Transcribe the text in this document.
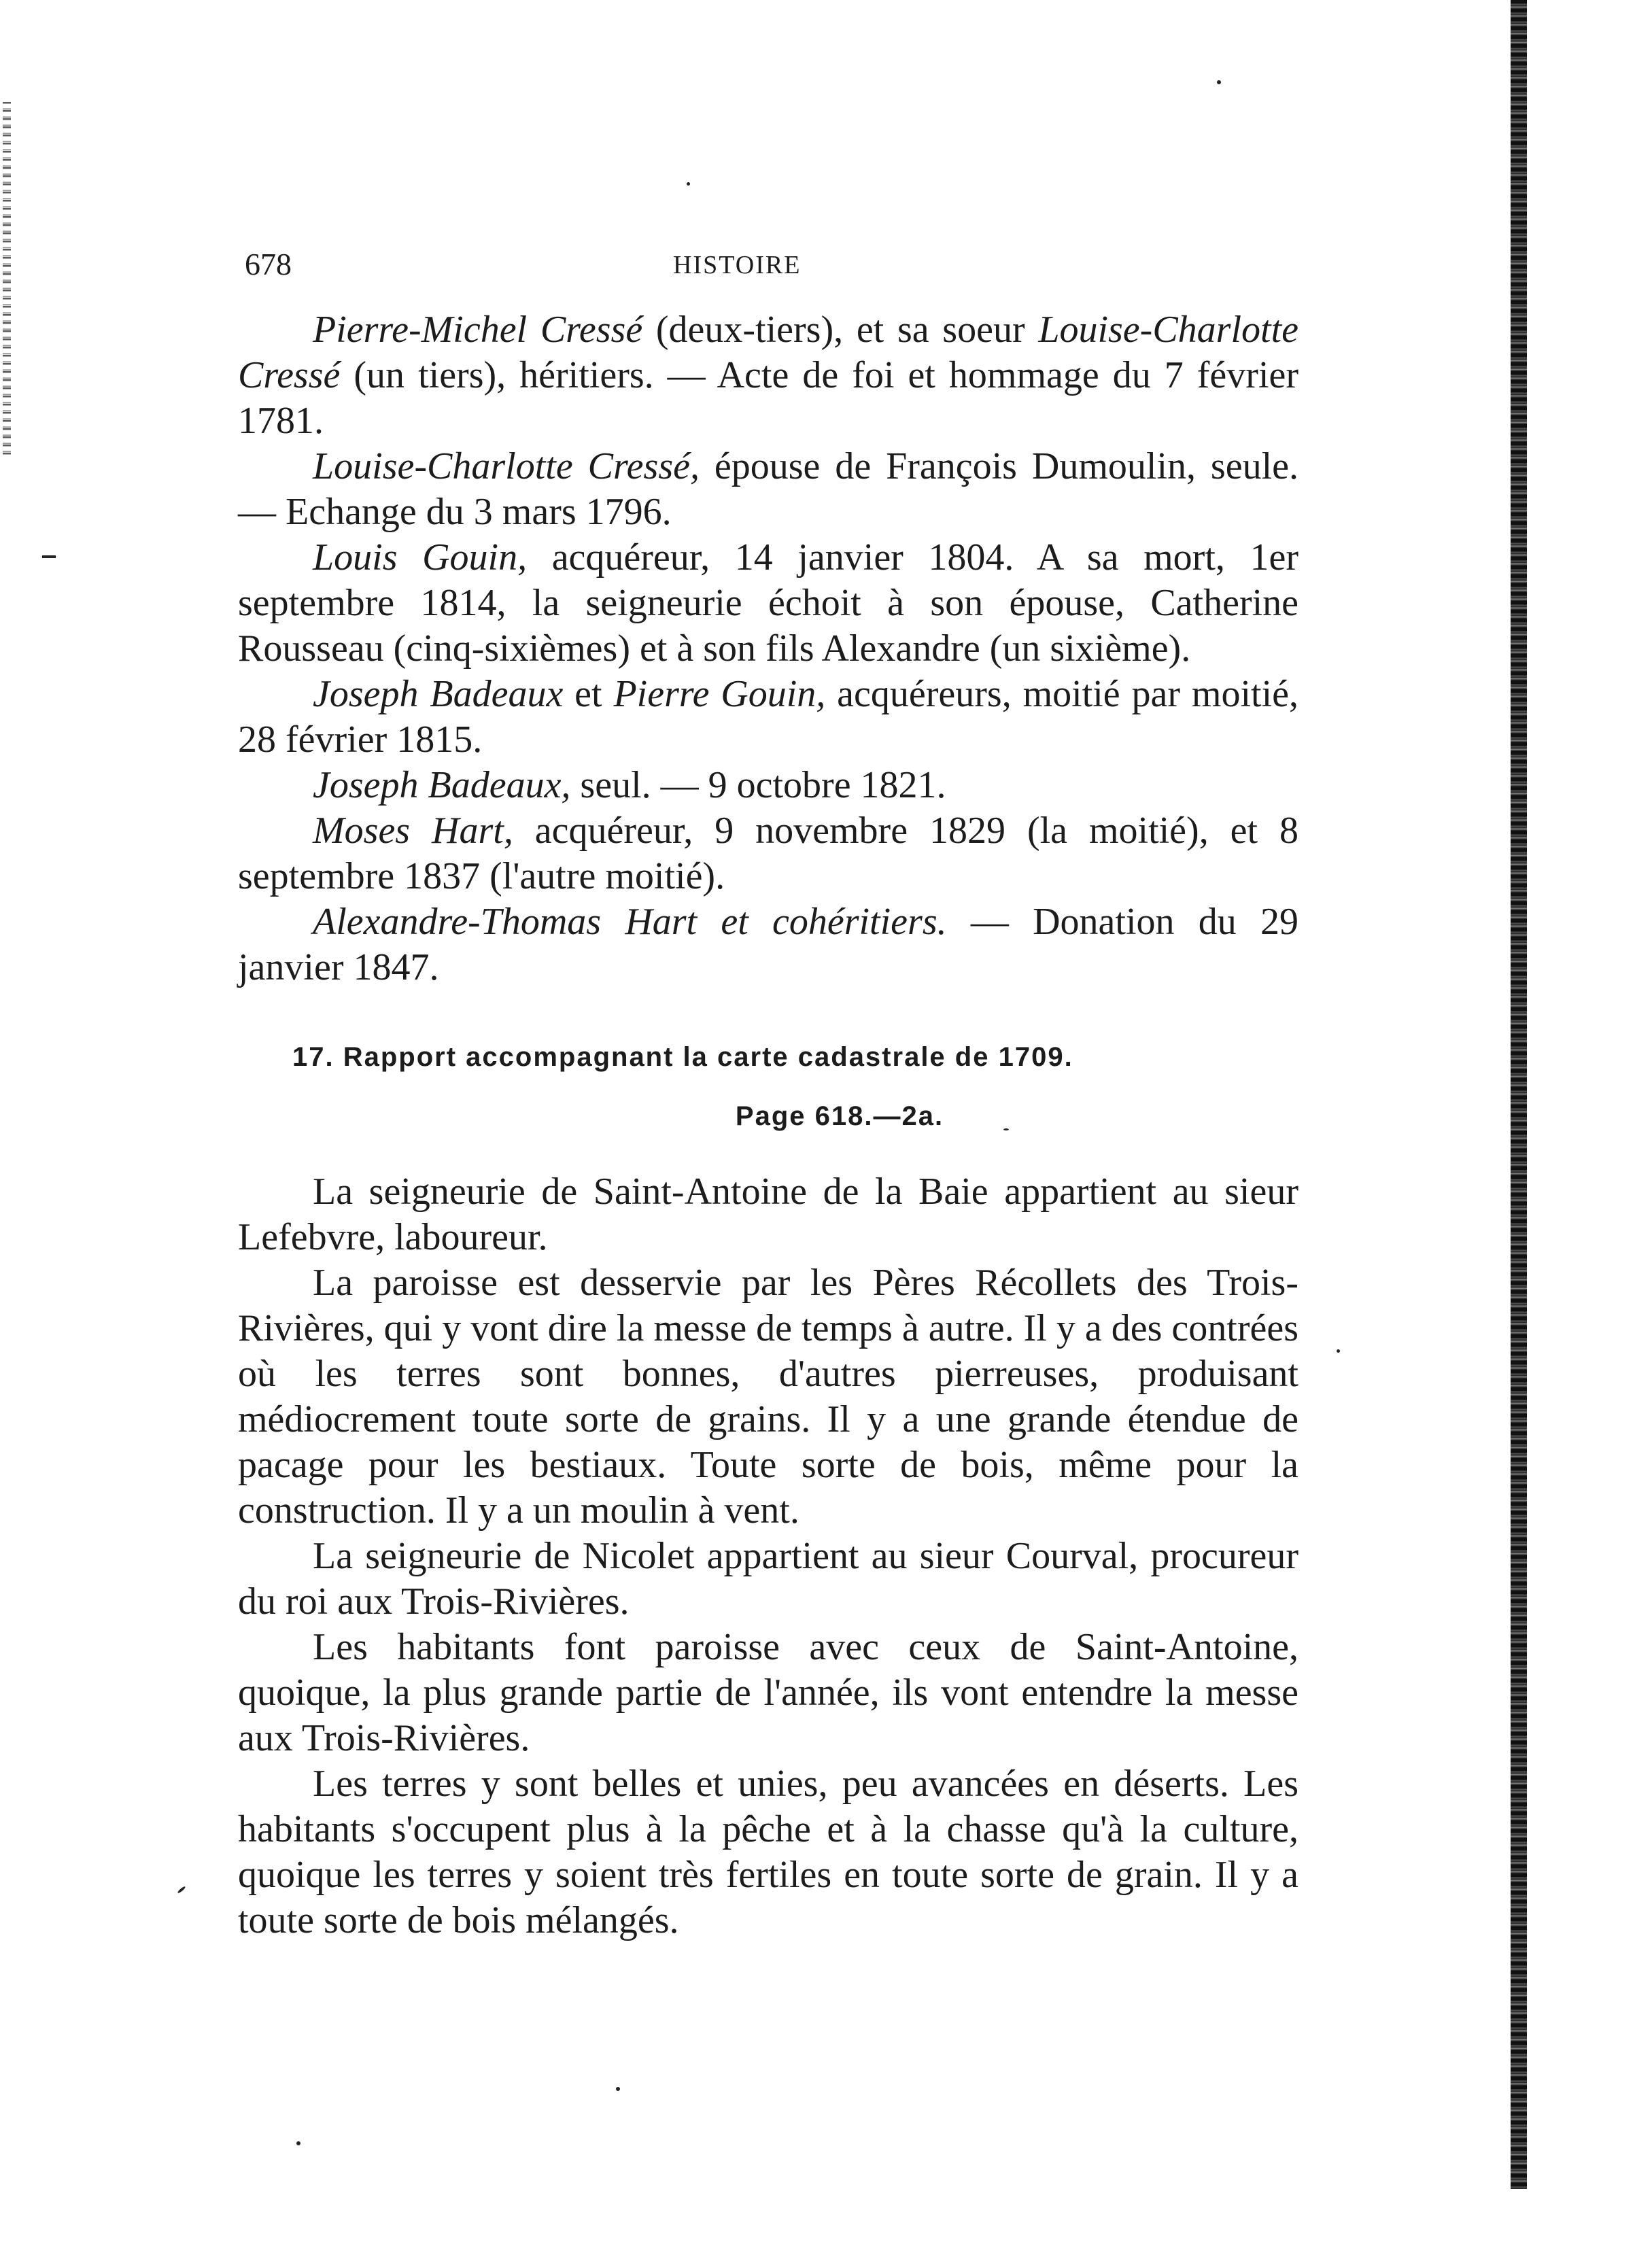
678	HISTOIRE

Pierre-Michel Cressé (deux-tiers), et sa soeur Louise-Charlotte Cressé (un tiers), héritiers. — Acte de foi et hommage du 7 février 1781.

Louise-Charlotte Cressé, épouse de François Dumoulin, seule. — Echange du 3 mars 1796.

Louis Gouin, acquéreur, 14 janvier 1804. A sa mort, 1er septembre 1814, la seigneurie échoit à son épouse, Catherine Rousseau (cinq-sixièmes) et à son fils Alexandre (un sixième).

Joseph Badeaux et Pierre Gouin, acquéreurs, moitié par moitié, 28 février 1815.

Joseph Badeaux, seul. — 9 octobre 1821.

Moses Hart, acquéreur, 9 novembre 1829 (la moitié), et 8 septembre 1837 (l'autre moitié).

Alexandre-Thomas Hart et cohéritiers. — Donation du 29 janvier 1847.

17. Rapport accompagnant la carte cadastrale de 1709.
Page 618.—2a.

La seigneurie de Saint-Antoine de la Baie appartient au sieur Lefebvre, laboureur.

La paroisse est desservie par les Pères Récollets des Trois-Rivières, qui y vont dire la messe de temps à autre. Il y a des contrées où les terres sont bonnes, d'autres pierreuses, produisant médiocrement toute sorte de grains. Il y a une grande étendue de pacage pour les bestiaux. Toute sorte de bois, même pour la construction. Il y a un moulin à vent.

La seigneurie de Nicolet appartient au sieur Courval, procureur du roi aux Trois-Rivières.

Les habitants font paroisse avec ceux de Saint-Antoine, quoique, la plus grande partie de l'année, ils vont entendre la messe aux Trois-Rivières.

Les terres y sont belles et unies, peu avancées en déserts. Les habitants s'occupent plus à la pêche et à la chasse qu'à la culture, quoique les terres y soient très fertiles en toute sorte de grain. Il y a toute sorte de bois mélangés.
